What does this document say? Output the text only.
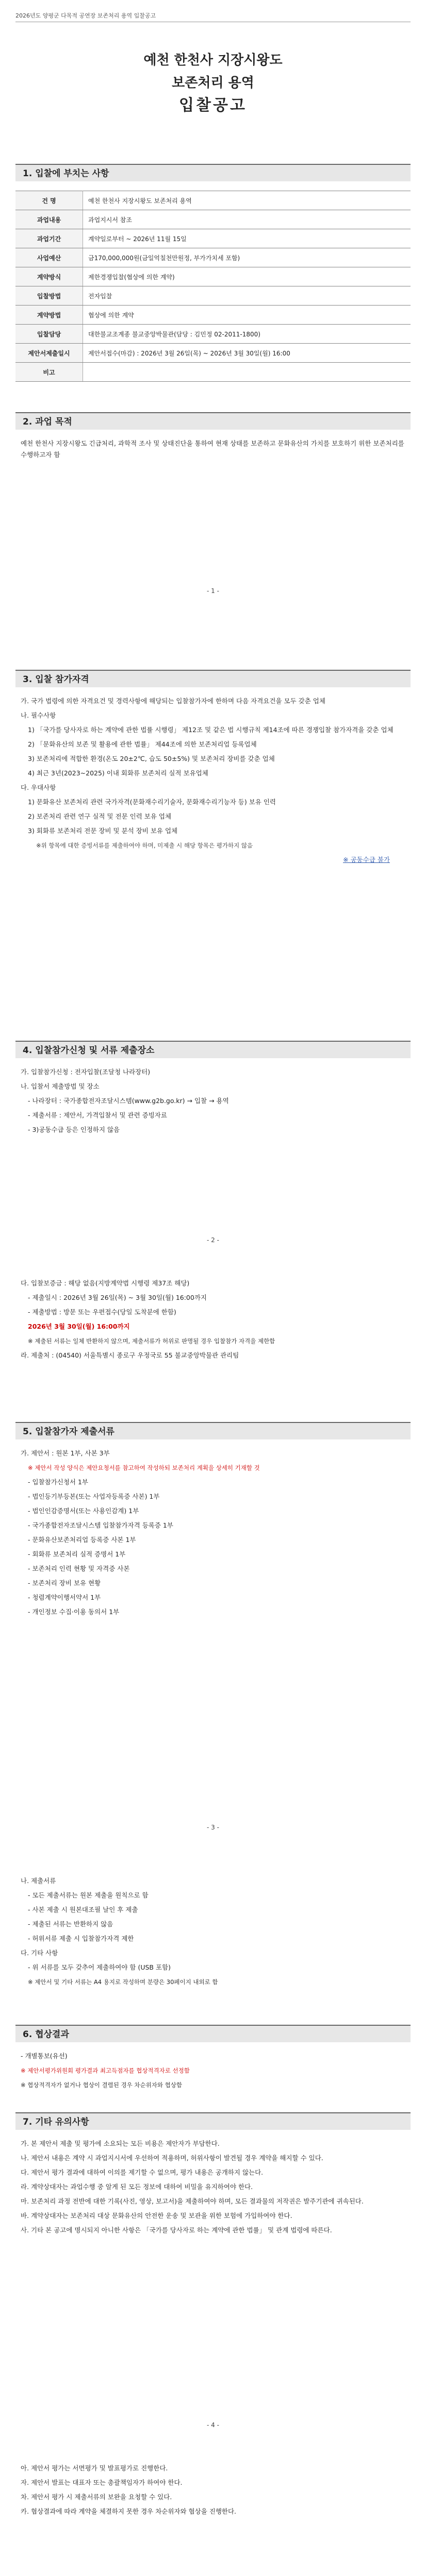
2026년도 양평군 다목적 공연장 보존처리 용역 입찰공고
예천 한천사 지장시왕도
보존처리 용역
입찰공고
1. 입찰에 부치는 사항
건 명	예천 한천사 지장시왕도 보존처리 용역
과업내용	과업지시서 참조
과업기간	계약일로부터 ~ 2026년 11월 15일
사업예산	금170,000,000원(금일억칠천만원정, 부가가치세 포함)
계약방식	제한경쟁입찰(협상에 의한 계약)
입찰방법	전자입찰
계약방법	협상에 의한 계약
입찰담당	대한불교조계종 불교중앙박물관(담당 : 김민정 02-2011-1800)
제안서제출일시	제안서접수(마감) : 2026년 3월 26일(목) ~ 2026년 3월 30일(월) 16:00
비고	
2. 과업 목적

예천 한천사 지장시왕도 긴급처리, 과학적 조사 및 상태진단을 통하여 현재 상태를 보존하고 문화유산의 가치를 보호하기 위한 보존처리를 수행하고자 함

- 1 -
3. 입찰 참가자격

가. 국가 법령에 의한 자격요건 및 경력사항에 해당되는 입찰참가자에 한하며 다음 자격요건을 모두 갖춘 업체

나. 필수사항

1) 「국가를 당사자로 하는 계약에 관한 법률 시행령」 제12조 및 같은 법 시행규칙 제14조에 따른 경쟁입찰 참가자격을 갖춘 업체

2) 「문화유산의 보존 및 활용에 관한 법률」 제44조에 의한 보존처리업 등록업체

3) 보존처리에 적합한 환경(온도 20±2℃, 습도 50±5%) 및 보존처리 장비를 갖춘 업체

4) 최근 3년(2023~2025) 이내 회화류 보존처리 실적 보유업체

다. 우대사항

1) 문화유산 보존처리 관련 국가자격(문화재수리기술자, 문화재수리기능자 등) 보유 인력

2) 보존처리 관련 연구 실적 및 전문 인력 보유 업체

3) 회화류 보존처리 전문 장비 및 분석 장비 보유 업체

※위 항목에 대한 증빙서류를 제출하여야 하며, 미제출 시 해당 항목은 평가하지 않음

※ 공동수급 불가

4. 입찰참가신청 및 서류 제출장소

가. 입찰참가신청 : 전자입찰(조달청 나라장터)

나. 입찰서 제출방법 및 장소

- 나라장터 : 국가종합전자조달시스템(www.g2b.go.kr) → 입찰 → 용역

- 제출서류 : 제안서, 가격입찰서 및 관련 증빙자료

- 3)공동수급 등은 인정하지 않음

- 2 -

다. 입찰보증금 : 해당 없음(지방계약법 시행령 제37조 해당)

- 제출일시 : 2026년 3월 26일(목) ~ 3월 30일(월) 16:00까지

- 제출방법 : 방문 또는 우편접수(당일 도착분에 한함)

2026년 3월 30일(월) 16:00까지

※ 제출된 서류는 일체 반환하지 않으며, 제출서류가 허위로 판명될 경우 입찰참가 자격을 제한함

라. 제출처 : (04540) 서울특별시 종로구 우정국로 55 불교중앙박물관 관리팀

5. 입찰참가자 제출서류

가. 제안서 : 원본 1부, 사본 3부

※ 제안서 작성 양식은 제안요청서를 참고하여 작성하되 보존처리 계획을 상세히 기재할 것

- 입찰참가신청서 1부

- 법인등기부등본(또는 사업자등록증 사본) 1부

- 법인인감증명서(또는 사용인감계) 1부

- 국가종합전자조달시스템 입찰참가자격 등록증 1부

- 문화유산보존처리업 등록증 사본 1부

- 회화류 보존처리 실적 증명서 1부

- 보존처리 인력 현황 및 자격증 사본

- 보존처리 장비 보유 현황

- 청렴계약이행서약서 1부

- 개인정보 수집·이용 동의서 1부

- 3 -

나. 제출서류

- 모든 제출서류는 원본 제출을 원칙으로 함

- 사본 제출 시 원본대조필 날인 후 제출

- 제출된 서류는 반환하지 않음

- 허위서류 제출 시 입찰참가자격 제한

다. 기타 사항

- 위 서류를 모두 갖추어 제출하여야 함 (USB 포함)

※ 제안서 및 기타 서류는 A4 용지로 작성하며 분량은 30페이지 내외로 함

6. 협상결과

- 개별통보(유선)

※ 제안서평가위원회 평가결과 최고득점자를 협상적격자로 선정함

※ 협상적격자가 없거나 협상이 결렬된 경우 차순위자와 협상함

7. 기타 유의사항

가. 본 제안서 제출 및 평가에 소요되는 모든 비용은 제안자가 부담한다.

나. 제안서 내용은 계약 시 과업지시서에 우선하여 적용하며, 허위사항이 발견될 경우 계약을 해지할 수 있다.

다. 제안서 평가 결과에 대하여 이의를 제기할 수 없으며, 평가 내용은 공개하지 않는다.

라. 계약상대자는 과업수행 중 알게 된 모든 정보에 대하여 비밀을 유지하여야 한다.

마. 보존처리 과정 전반에 대한 기록(사진, 영상, 보고서)을 제출하여야 하며, 모든 결과물의 저작권은 발주기관에 귀속된다.

바. 계약상대자는 보존처리 대상 문화유산의 안전한 운송 및 보관을 위한 보험에 가입하여야 한다.

사. 기타 본 공고에 명시되지 아니한 사항은 「국가를 당사자로 하는 계약에 관한 법률」 및 관계 법령에 따른다.

- 4 -

아. 제안서 평가는 서면평가 및 발표평가로 진행한다.

자. 제안서 발표는 대표자 또는 총괄책임자가 하여야 한다.

차. 제안서 평가 시 제출서류의 보완을 요청할 수 있다.

카. 협상결과에 따라 계약을 체결하지 못한 경우 차순위자와 협상을 진행한다.
